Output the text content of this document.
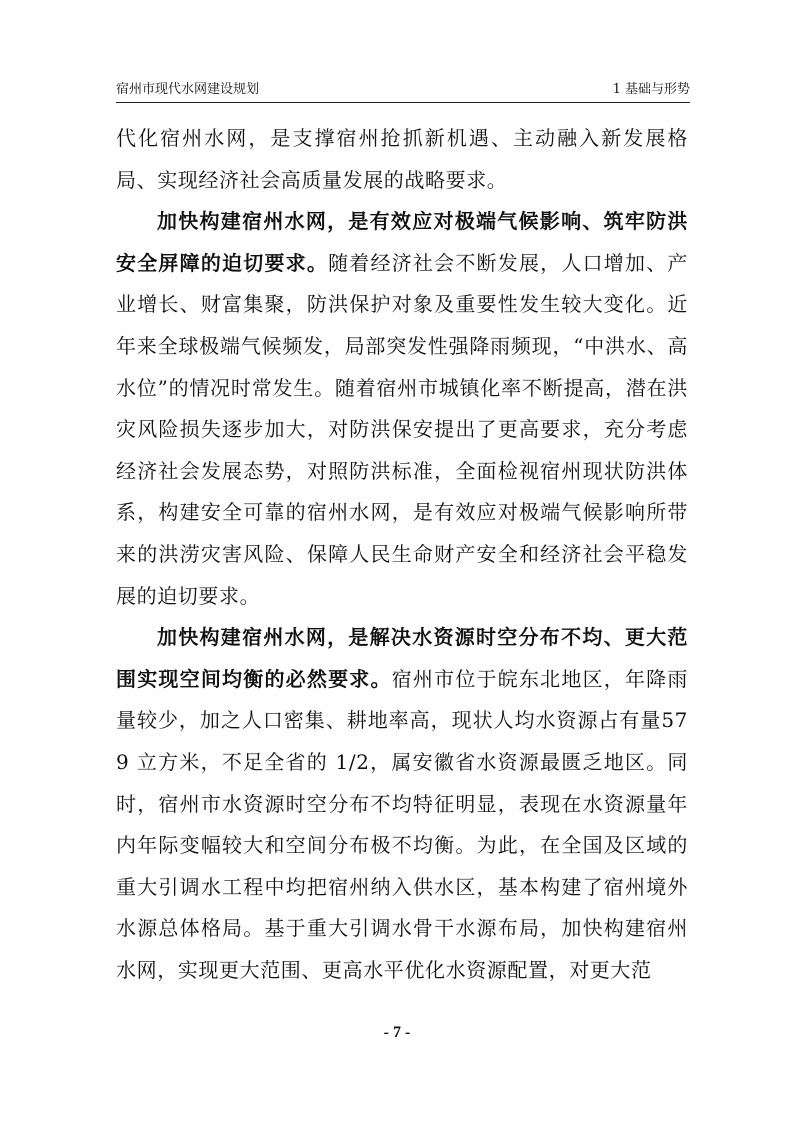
宿州市现代水网建设规划	1 基础与形势

代化宿州水网，是支撑宿州抢抓新机遇、主动融入新发展格局、实现经济社会高质量发展的战略要求。

加快构建宿州水网，是有效应对极端气候影响、筑牢防洪安全屏障的迫切要求。随着经济社会不断发展，人口增加、产业增长、财富集聚，防洪保护对象及重要性发生较大变化。近年来全球极端气候频发，局部突发性强降雨频现，“中洪水、高水位”的情况时常发生。随着宿州市城镇化率不断提高，潜在洪灾风险损失逐步加大，对防洪保安提出了更高要求，充分考虑经济社会发展态势，对照防洪标准，全面检视宿州现状防洪体系，构建安全可靠的宿州水网，是有效应对极端气候影响所带来的洪涝灾害风险、保障人民生命财产安全和经济社会平稳发展的迫切要求。

加快构建宿州水网，是解决水资源时空分布不均、更大范围实现空间均衡的必然要求。宿州市位于皖东北地区，年降雨量较少，加之人口密集、耕地率高，现状人均水资源占有量579 立方米，不足全省的 1/2，属安徽省水资源最匮乏地区。同时，宿州市水资源时空分布不均特征明显，表现在水资源量年内年际变幅较大和空间分布极不均衡。为此，在全国及区域的重大引调水工程中均把宿州纳入供水区，基本构建了宿州境外水源总体格局。基于重大引调水骨干水源布局，加快构建宿州水网，实现更大范围、更高水平优化水资源配置，对更大范

- 7 -
